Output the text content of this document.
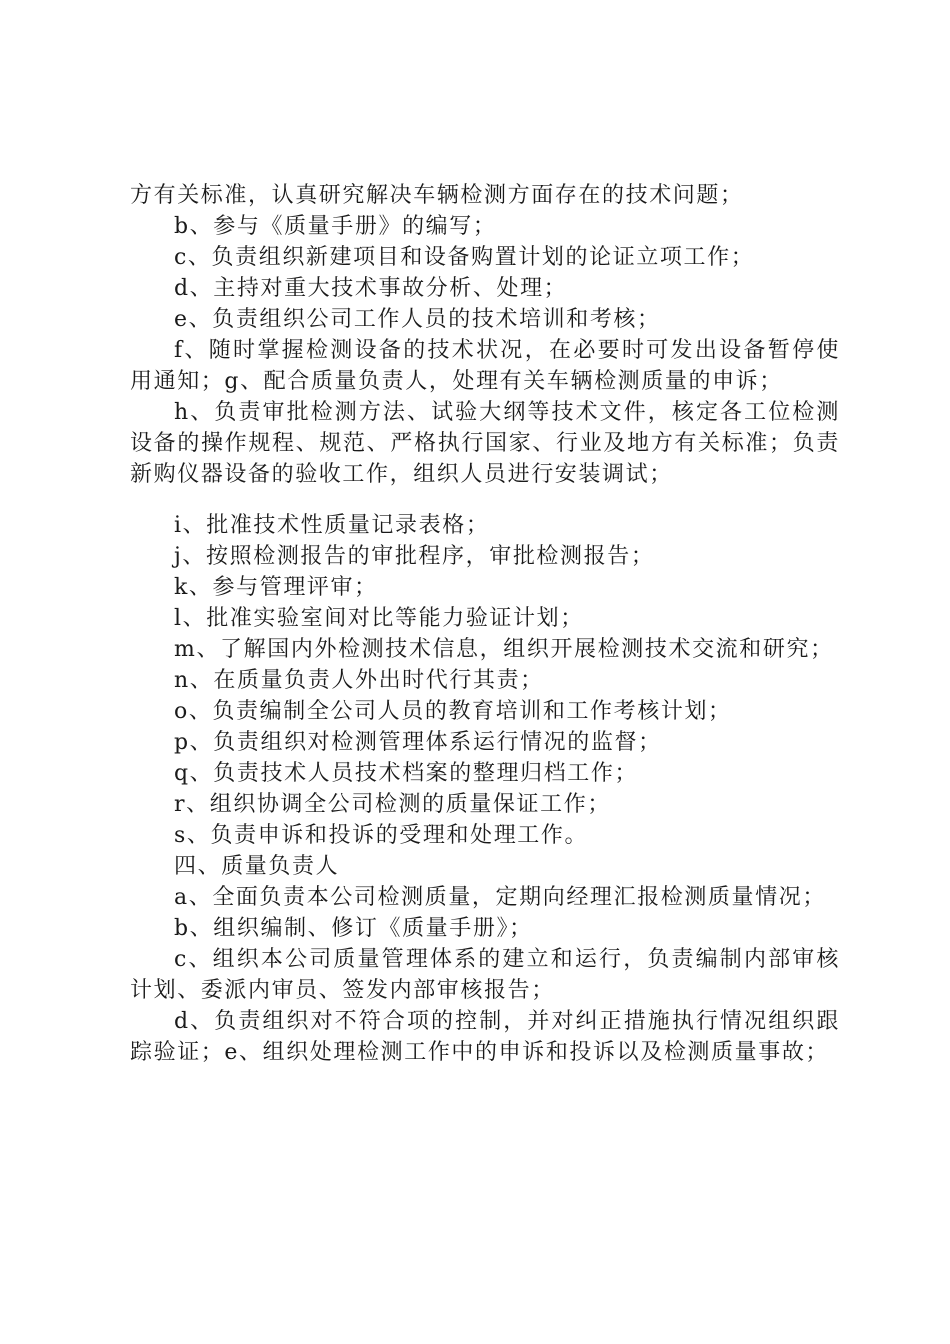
方有关标准，认真研究解决车辆检测方面存在的技术问题；

b、参与《质量手册》的编写；

c、负责组织新建项目和设备购置计划的论证立项工作；

d、主持对重大技术事故分析、处理；

e、负责组织公司工作人员的技术培训和考核；

f、随时掌握检测设备的技术状况，在必要时可发出设备暂停使用通知；g、配合质量负责人，处理有关车辆检测质量的申诉；

h、负责审批检测方法、试验大纲等技术文件，核定各工位检测设备的操作规程、规范、严格执行国家、行业及地方有关标准；负责新购仪器设备的验收工作，组织人员进行安装调试；

i、批准技术性质量记录表格；

j、按照检测报告的审批程序，审批检测报告；

k、参与管理评审；

l、批准实验室间对比等能力验证计划；

m、了解国内外检测技术信息，组织开展检测技术交流和研究；

n、在质量负责人外出时代行其责；

o、负责编制全公司人员的教育培训和工作考核计划；

p、负责组织对检测管理体系运行情况的监督；

q、负责技术人员技术档案的整理归档工作；

r、组织协调全公司检测的质量保证工作；

s、负责申诉和投诉的受理和处理工作。

四、质量负责人

a、全面负责本公司检测质量，定期向经理汇报检测质量情况；

b、组织编制、修订《质量手册》；

c、组织本公司质量管理体系的建立和运行，负责编制内部审核计划、委派内审员、签发内部审核报告；

d、负责组织对不符合项的控制，并对纠正措施执行情况组织跟踪验证；e、组织处理检测工作中的申诉和投诉以及检测质量事故；
